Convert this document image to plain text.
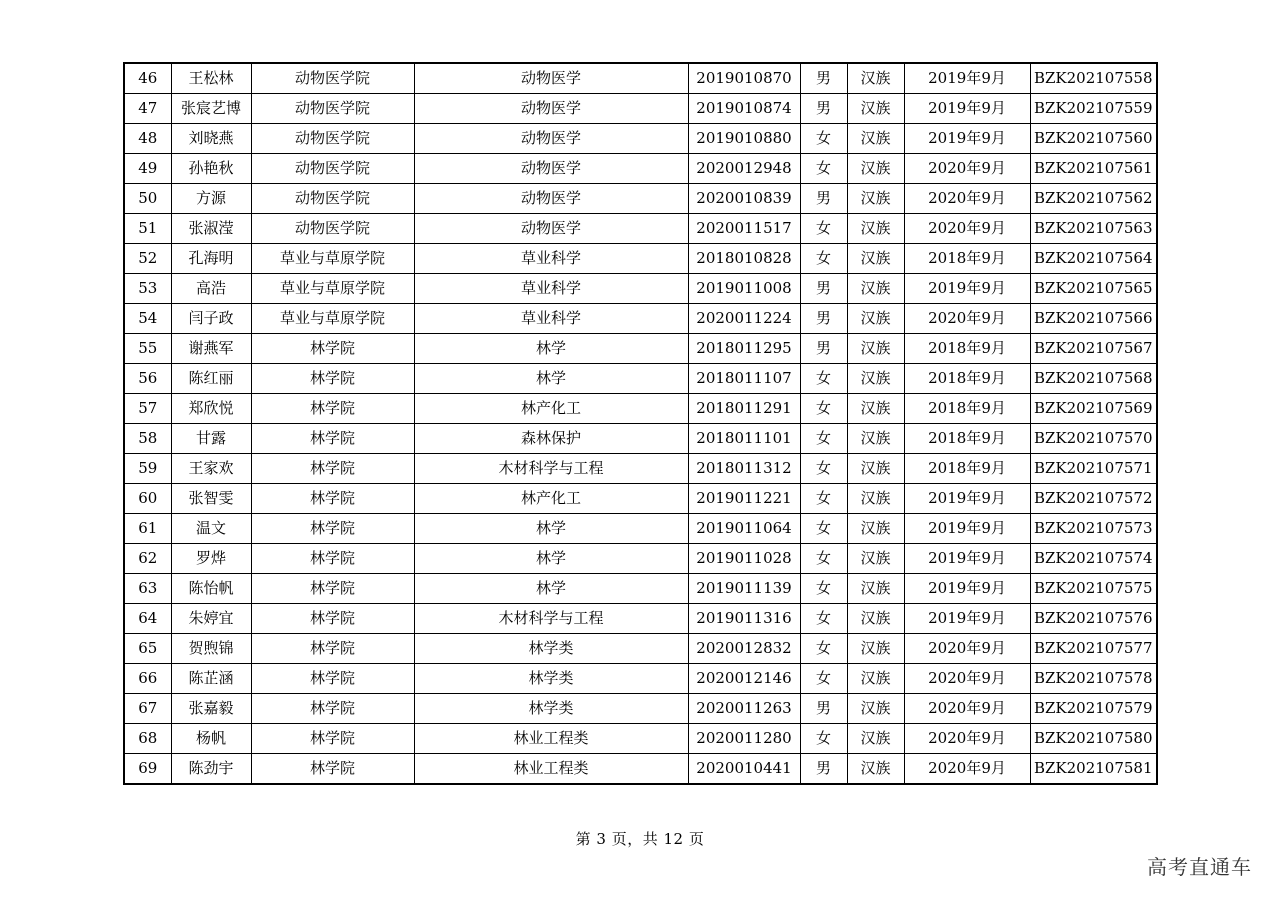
46	王松林	动物医学院	动物医学	2019010870	男	汉族	2019年9月	BZK202107558
47	张宸艺博	动物医学院	动物医学	2019010874	男	汉族	2019年9月	BZK202107559
48	刘晓燕	动物医学院	动物医学	2019010880	女	汉族	2019年9月	BZK202107560
49	孙艳秋	动物医学院	动物医学	2020012948	女	汉族	2020年9月	BZK202107561
50	方源	动物医学院	动物医学	2020010839	男	汉族	2020年9月	BZK202107562
51	张淑滢	动物医学院	动物医学	2020011517	女	汉族	2020年9月	BZK202107563
52	孔海明	草业与草原学院	草业科学	2018010828	女	汉族	2018年9月	BZK202107564
53	高浩	草业与草原学院	草业科学	2019011008	男	汉族	2019年9月	BZK202107565
54	闫子政	草业与草原学院	草业科学	2020011224	男	汉族	2020年9月	BZK202107566
55	谢燕军	林学院	林学	2018011295	男	汉族	2018年9月	BZK202107567
56	陈红丽	林学院	林学	2018011107	女	汉族	2018年9月	BZK202107568
57	郑欣悦	林学院	林产化工	2018011291	女	汉族	2018年9月	BZK202107569
58	甘露	林学院	森林保护	2018011101	女	汉族	2018年9月	BZK202107570
59	王家欢	林学院	木材科学与工程	2018011312	女	汉族	2018年9月	BZK202107571
60	张智雯	林学院	林产化工	2019011221	女	汉族	2019年9月	BZK202107572
61	温文	林学院	林学	2019011064	女	汉族	2019年9月	BZK202107573
62	罗烨	林学院	林学	2019011028	女	汉族	2019年9月	BZK202107574
63	陈怡帆	林学院	林学	2019011139	女	汉族	2019年9月	BZK202107575
64	朱婷宜	林学院	木材科学与工程	2019011316	女	汉族	2019年9月	BZK202107576
65	贺煦锦	林学院	林学类	2020012832	女	汉族	2020年9月	BZK202107577
66	陈芷涵	林学院	林学类	2020012146	女	汉族	2020年9月	BZK202107578
67	张嘉毅	林学院	林学类	2020011263	男	汉族	2020年9月	BZK202107579
68	杨帆	林学院	林业工程类	2020011280	女	汉族	2020年9月	BZK202107580
69	陈劲宇	林学院	林业工程类	2020010441	男	汉族	2020年9月	BZK202107581
第 3 页，共 12 页
高考直通车
